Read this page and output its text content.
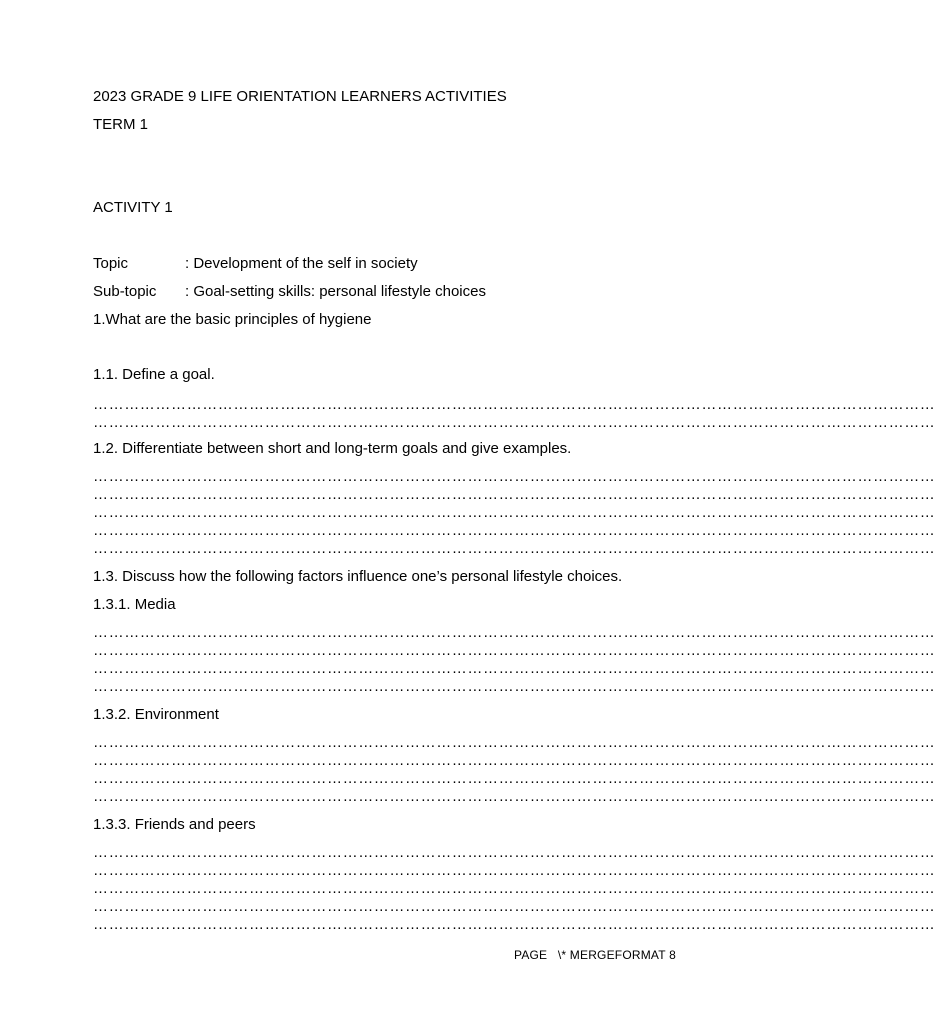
2023 GRADE 9 LIFE ORIENTATION LEARNERS ACTIVITIES
TERM 1
ACTIVITY 1
Topic	: Development of the self in society
Sub-topic : Goal-setting skills: personal lifestyle choices
1.What are the basic principles of hygiene
1.1. Define a goal.
………………………………………………………………………………………………………………………………………………
………………………………………………………………………………………………………………………………………………
1.2. Differentiate between short and long-term goals and give examples.
………………………………………………………………………………………………………………………………………………
………………………………………………………………………………………………………………………………………………
………………………………………………………………………………………………………………………………………………
………………………………………………………………………………………………………………………………………………
………………………………………………………………………………………………………………………………………………
1.3. Discuss how the following factors influence one’s personal lifestyle choices.
1.3.1. Media
………………………………………………………………………………………………………………………………………………
………………………………………………………………………………………………………………………………………………
………………………………………………………………………………………………………………………………………………
………………………………………………………………………………………………………………………………………………
1.3.2. Environment
………………………………………………………………………………………………………………………………………………
………………………………………………………………………………………………………………………………………………
………………………………………………………………………………………………………………………………………………
………………………………………………………………………………………………………………………………………………
1.3.3. Friends and peers
………………………………………………………………………………………………………………………………………………
………………………………………………………………………………………………………………………………………………
………………………………………………………………………………………………………………………………………………
………………………………………………………………………………………………………………………………………………
………………………………………………………………………………………………………………………………………………
PAGE   \* MERGEFORMAT 8
